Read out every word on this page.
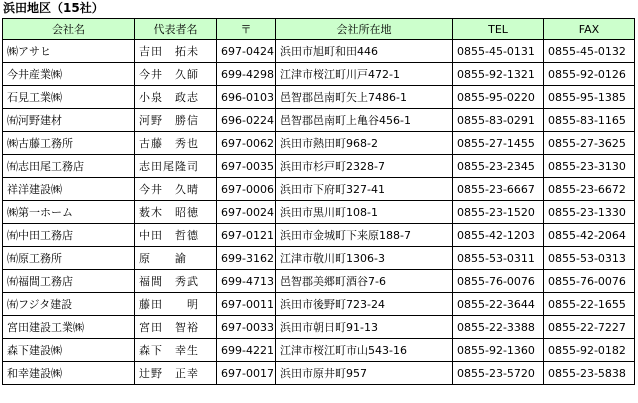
浜田地区（15社）
会社名	代表者名	〒	会社所在地	TEL	FAX
㈱アサヒ	吉田　拓未	697-0424	浜田市旭町和田446	0855-45-0131	0855-45-0132
今井産業㈱	今井　久師	699-4298	江津市桜江町川戸472-1	0855-92-1321	0855-92-0126
石見工業㈱	小泉　政志	696-0103	邑智郡邑南町矢上7486-1	0855-95-0220	0855-95-1385
㈲河野建材	河野　勝信	696-0224	邑智郡邑南町上亀谷456-1	0855-83-0291	0855-83-1165
㈱古藤工務所	古藤　秀也	697-0062	浜田市熱田町968-2	0855-27-1455	0855-27-3625
㈲志田尾工務店	志田尾隆司	697-0035	浜田市杉戸町2328-7	0855-23-2345	0855-23-3130
祥洋建設㈱	今井　久晴	697-0006	浜田市下府町327-41	0855-23-6667	0855-23-6672
㈱第一ホーム	薮木　昭徳	697-0024	浜田市黒川町108-1	0855-23-1520	0855-23-1330
㈲中田工務店	中田　哲德	697-0121	浜田市金城町下来原188-7	0855-42-1203	0855-42-2064
㈲原工務所	原　　諭	699-3162	江津市敬川町1306-3	0855-53-0311	0855-53-0313
㈲福間工務店	福間　秀武	699-4713	邑智郡美郷町酒谷7-6	0855-76-0076	0855-76-0076
㈲フジタ建設	藤田　　明	697-0011	浜田市後野町723-24	0855-22-3644	0855-22-1655
宮田建設工業㈱	宮田　智裕	697-0033	浜田市朝日町91-13	0855-22-3388	0855-22-7227
森下建設㈱	森下　幸生	699-4221	江津市桜江町市山543-16	0855-92-1360	0855-92-0182
和幸建設㈱	辻野　正幸	697-0017	浜田市原井町957	0855-23-5720	0855-23-5838
